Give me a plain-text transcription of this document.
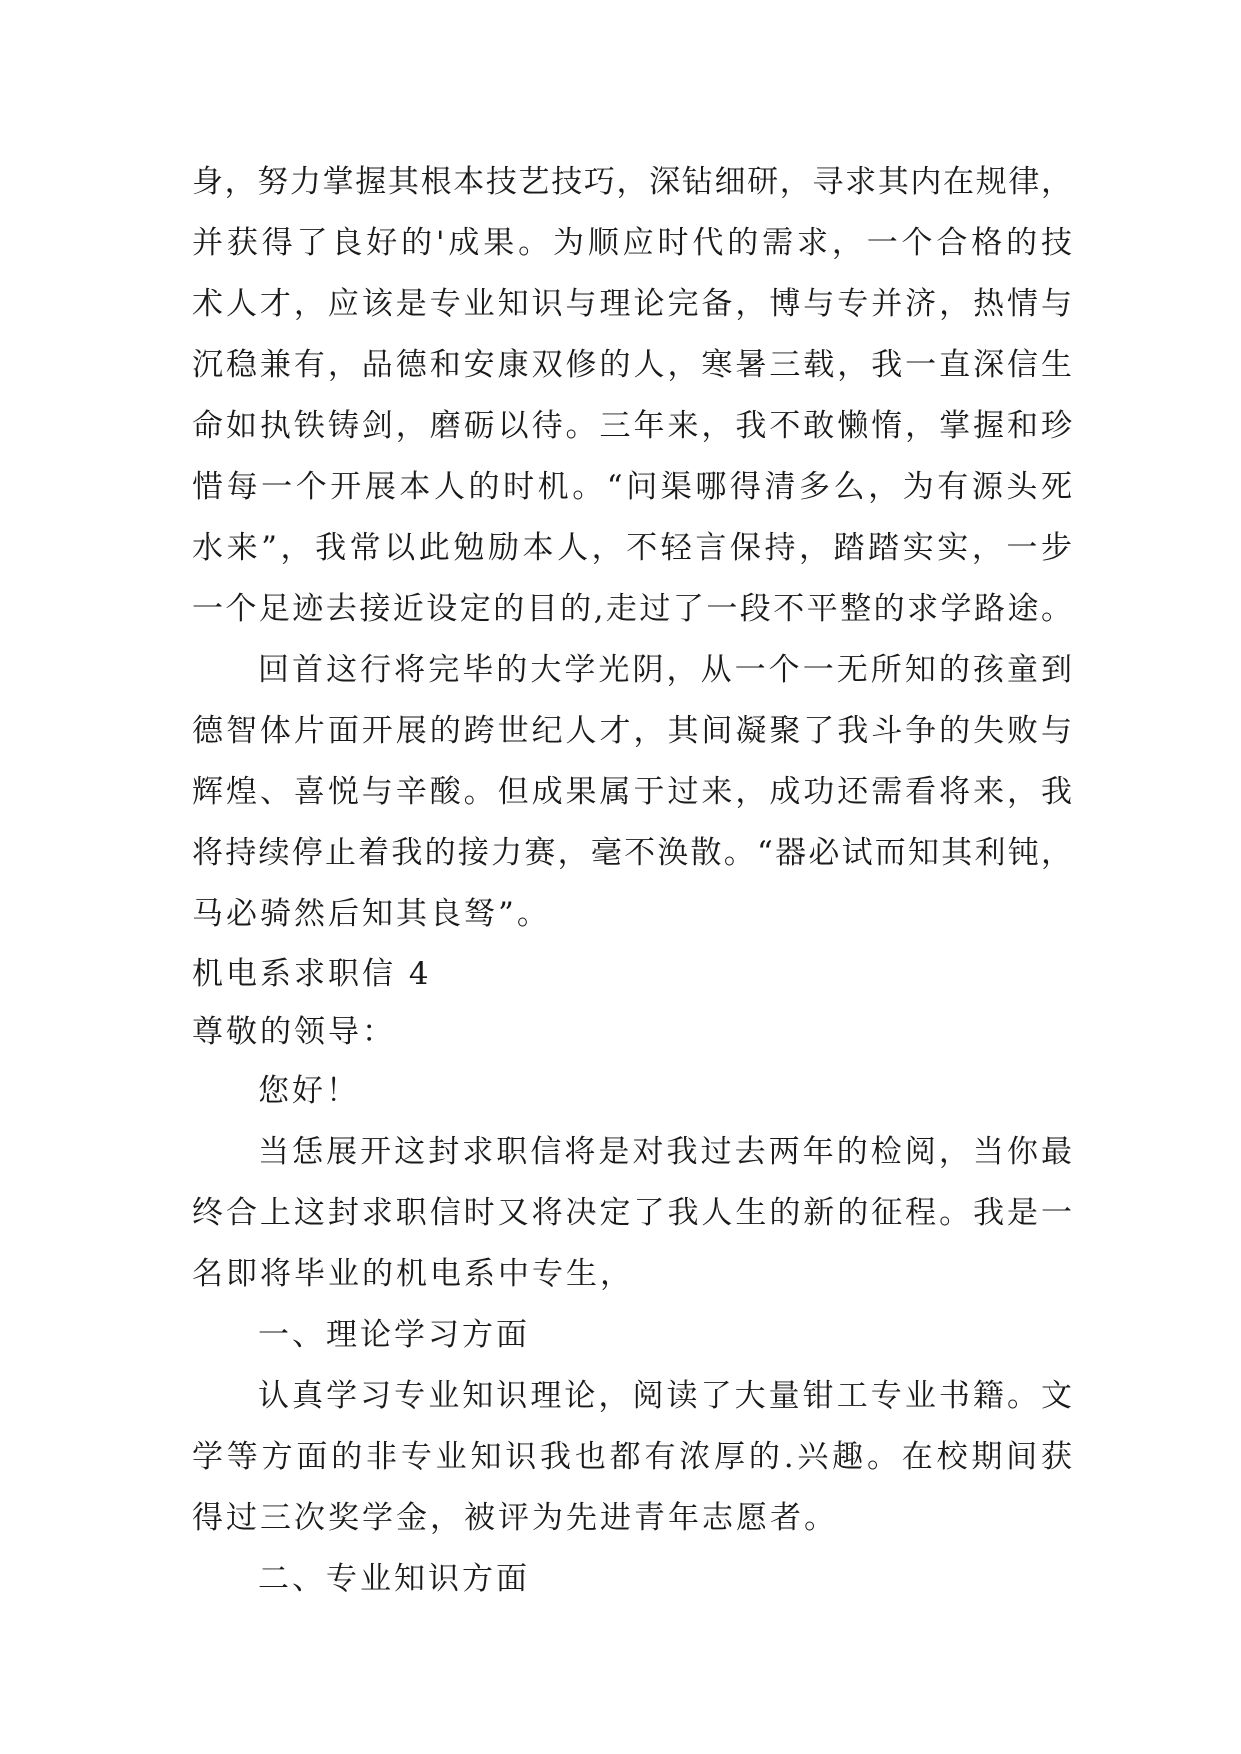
身，努力掌握其根本技艺技巧，深钻细研，寻求其内在规律，
并获得了良好的'成果。为顺应时代的需求，一个合格的技
术人才，应该是专业知识与理论完备，博与专并济，热情与
沉稳兼有，品德和安康双修的人，寒暑三载，我一直深信生
命如执铁铸剑，磨砺以待。三年来，我不敢懒惰，掌握和珍
惜每一个开展本人的时机。“问渠哪得清多么，为有源头死
水来”，我常以此勉励本人，不轻言保持，踏踏实实，一步
一个足迹去接近设定的目的,走过了一段不平整的求学路途。
回首这行将完毕的大学光阴，从一个一无所知的孩童到
德智体片面开展的跨世纪人才，其间凝聚了我斗争的失败与
辉煌、喜悦与辛酸。但成果属于过来，成功还需看将来，我
将持续停止着我的接力赛，毫不涣散。“器必试而知其利钝，
马必骑然后知其良驽”。
机电系求职信 4
尊敬的领导：
您好！
当恁展开这封求职信将是对我过去两年的检阅，当你最
终合上这封求职信时又将决定了我人生的新的征程。我是一
名即将毕业的机电系中专生，
一、理论学习方面
认真学习专业知识理论，阅读了大量钳工专业书籍。文
学等方面的非专业知识我也都有浓厚的.兴趣。在校期间获
得过三次奖学金，被评为先进青年志愿者。
二、专业知识方面
